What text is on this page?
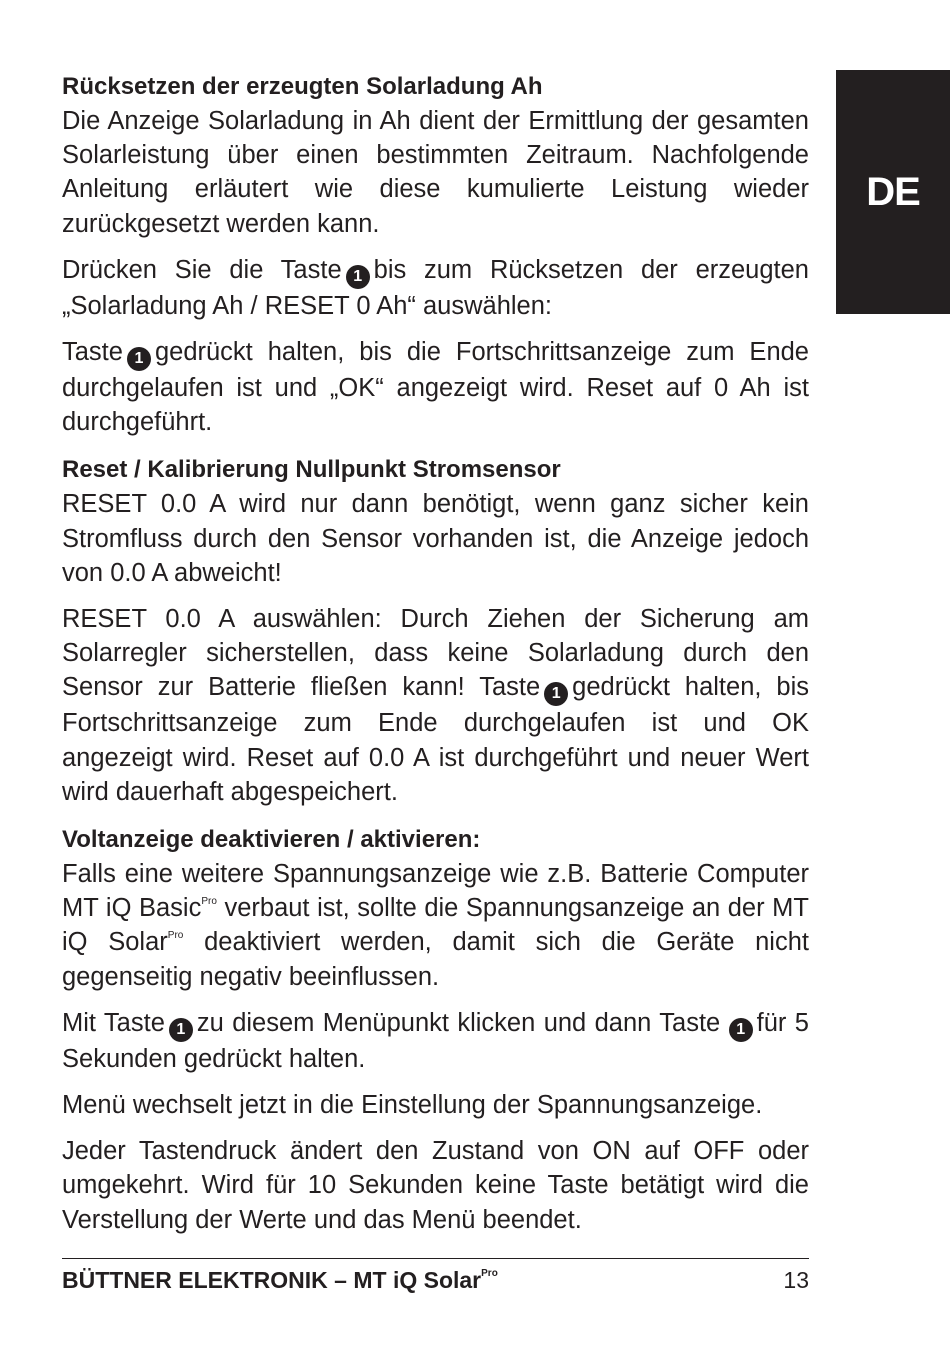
DE
Rücksetzen der erzeugten Solarladung Ah

Die Anzeige Solarladung in Ah dient der Ermittlung der gesamten Solarleistung über einen bestimmten Zeitraum. Nachfolgende Anleitung erläutert wie diese kumulierte Leistung wieder zurückgesetzt werden kann.

Drücken Sie die Taste 1 bis zum Rücksetzen der erzeugten „Solarladung Ah / RESET 0 Ah“ auswählen:

Taste 1 gedrückt halten, bis die Fortschrittsanzeige zum Ende durchgelaufen ist und „OK“ angezeigt wird. Reset auf 0 Ah ist durchgeführt.

Reset / Kalibrierung Nullpunkt Stromsensor

RESET 0.0 A wird nur dann benötigt, wenn ganz sicher kein Stromfluss durch den Sensor vorhanden ist, die Anzeige jedoch von 0.0 A abweicht!

RESET 0.0 A auswählen: Durch Ziehen der Sicherung am Solarregler sicherstellen, dass keine Solarladung durch den Sensor zur Batterie fließen kann! Taste 1 gedrückt halten, bis Fortschrittsanzeige zum Ende durchgelaufen ist und OK angezeigt wird. Reset auf 0.0 A ist durchgeführt und neuer Wert wird dauerhaft abgespeichert.

Voltanzeige deaktivieren / aktivieren:

Falls eine weitere Spannungsanzeige wie z.B. Batterie Computer MT iQ Basic$^{Pro}$ verbaut ist, sollte die Spannungsanzeige an der MT iQ Solar$^{Pro}$ deaktiviert werden, damit sich die Geräte nicht gegenseitig negativ beeinflussen.

Mit Taste 1 zu diesem Menüpunkt klicken und dann Taste 1 für 5 Sekunden gedrückt halten.

Menü wechselt jetzt in die Einstellung der Spannungsanzeige.

Jeder Tastendruck ändert den Zustand von ON auf OFF oder umgekehrt. Wird für 10 Sekunden keine Taste betätigt wird die Verstellung der Werte und das Menü beendet.

BÜTTNER ELEKTRONIK – MT iQ Solar$^{Pro}$	13
